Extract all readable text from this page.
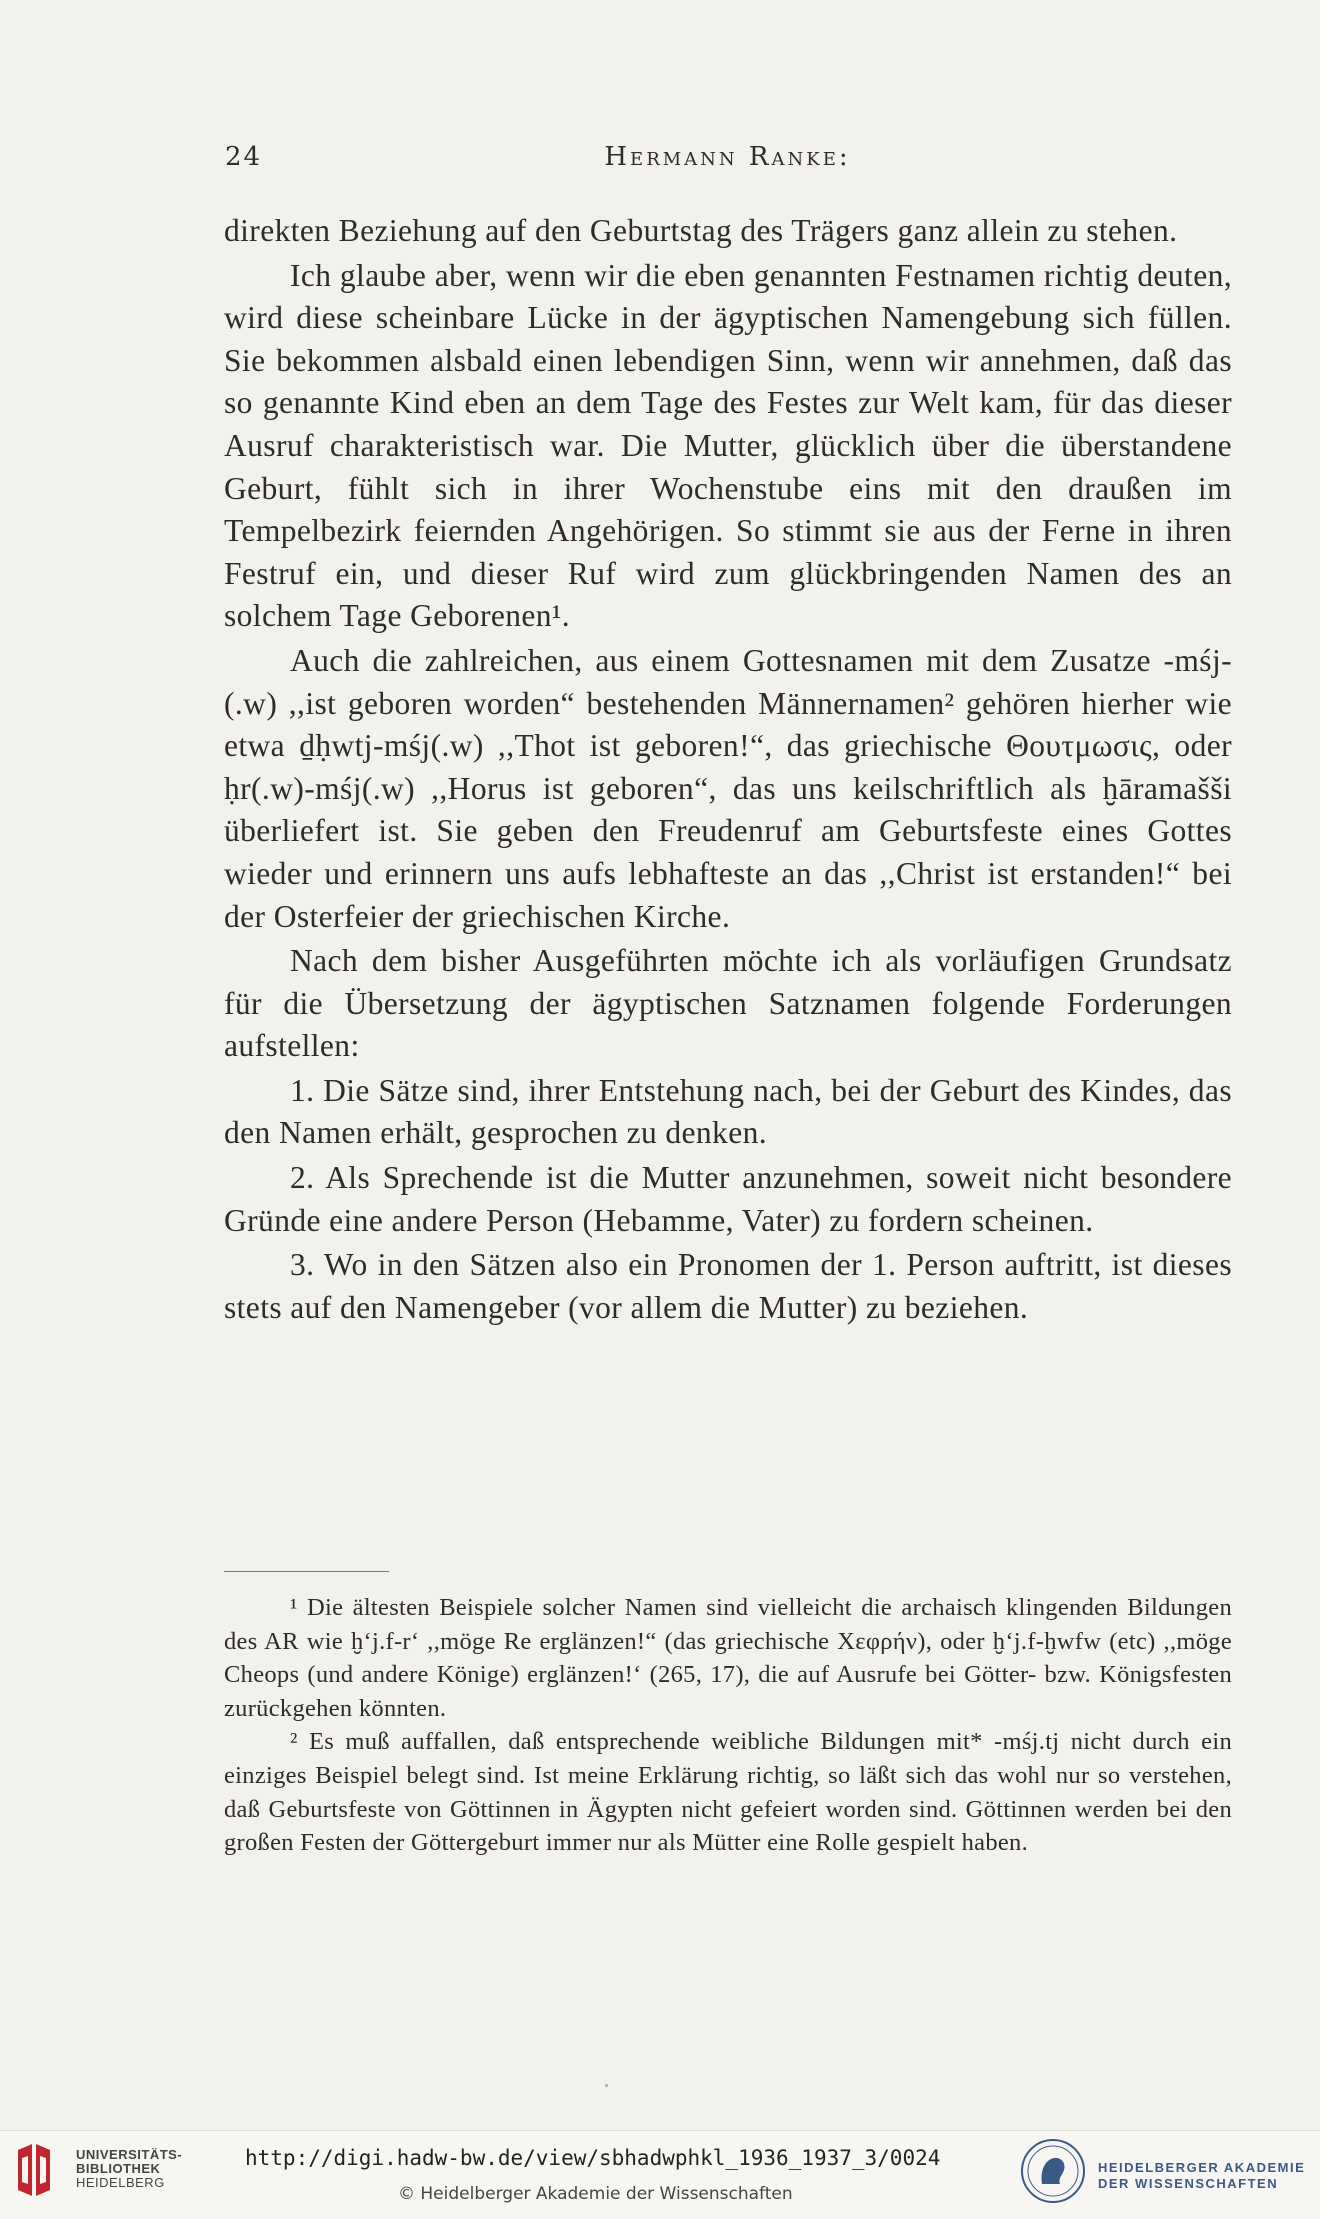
24	Hermann Ranke:

direkten Beziehung auf den Geburtstag des Trägers ganz allein zu stehen.

Ich glaube aber, wenn wir die eben genannten Festnamen richtig deuten, wird diese scheinbare Lücke in der ägyptischen Namengebung sich füllen. Sie bekommen alsbald einen lebendigen Sinn, wenn wir annehmen, daß das so genannte Kind eben an dem Tage des Festes zur Welt kam, für das dieser Ausruf charakteristisch war. Die Mutter, glücklich über die überstandene Geburt, fühlt sich in ihrer Wochenstube eins mit den draußen im Tempelbezirk feiernden Angehörigen. So stimmt sie aus der Ferne in ihren Festruf ein, und dieser Ruf wird zum glückbringenden Namen des an solchem Tage Geborenen¹.

Auch die zahlreichen, aus einem Gottesnamen mit dem Zusatze -mśj-(.w) ,,ist geboren worden“ bestehenden Männernamen² gehören hierher wie etwa ḏḥwtj-mśj(.w) ,,Thot ist geboren!“, das griechische Θουτμωσις, oder ḥr(.w)-mśj(.w) ,,Horus ist geboren“, das uns keilschriftlich als ḫāramašši überliefert ist. Sie geben den Freudenruf am Geburtsfeste eines Gottes wieder und erinnern uns aufs lebhafteste an das ,,Christ ist erstanden!“ bei der Osterfeier der griechischen Kirche.

Nach dem bisher Ausgeführten möchte ich als vorläufigen Grundsatz für die Übersetzung der ägyptischen Satznamen folgende Forderungen aufstellen:

1. Die Sätze sind, ihrer Entstehung nach, bei der Geburt des Kindes, das den Namen erhält, gesprochen zu denken.

2. Als Sprechende ist die Mutter anzunehmen, soweit nicht besondere Gründe eine andere Person (Hebamme, Vater) zu fordern scheinen.

3. Wo in den Sätzen also ein Pronomen der 1. Person auftritt, ist dieses stets auf den Namengeber (vor allem die Mutter) zu beziehen.

¹ Die ältesten Beispiele solcher Namen sind vielleicht die archaisch klingenden Bildungen des AR wie ḫ‘j.f-r‘ ,,möge Re erglänzen!“ (das griechische Χεφρήν), oder ḫ‘j.f-ḫwfw (etc) ,,möge Cheops (und andere Könige) erglänzen!‘ (265, 17), die auf Ausrufe bei Götter- bzw. Königsfesten zurückgehen könnten.

² Es muß auffallen, daß entsprechende weibliche Bildungen mit* -mśj.tj nicht durch ein einziges Beispiel belegt sind. Ist meine Erklärung richtig, so läßt sich das wohl nur so verstehen, daß Geburtsfeste von Göttinnen in Ägypten nicht gefeiert worden sind. Göttinnen werden bei den großen Festen der Göttergeburt immer nur als Mütter eine Rolle gespielt haben.

UNIVERSITÄTS-
BIBLIOTHEK
HEIDELBERG
http://digi.hadw-bw.de/view/sbhadwphkl_1936_1937_3/0024
© Heidelberger Akademie der Wissenschaften
HEIDELBERGER AKADEMIE
DER WISSENSCHAFTEN
